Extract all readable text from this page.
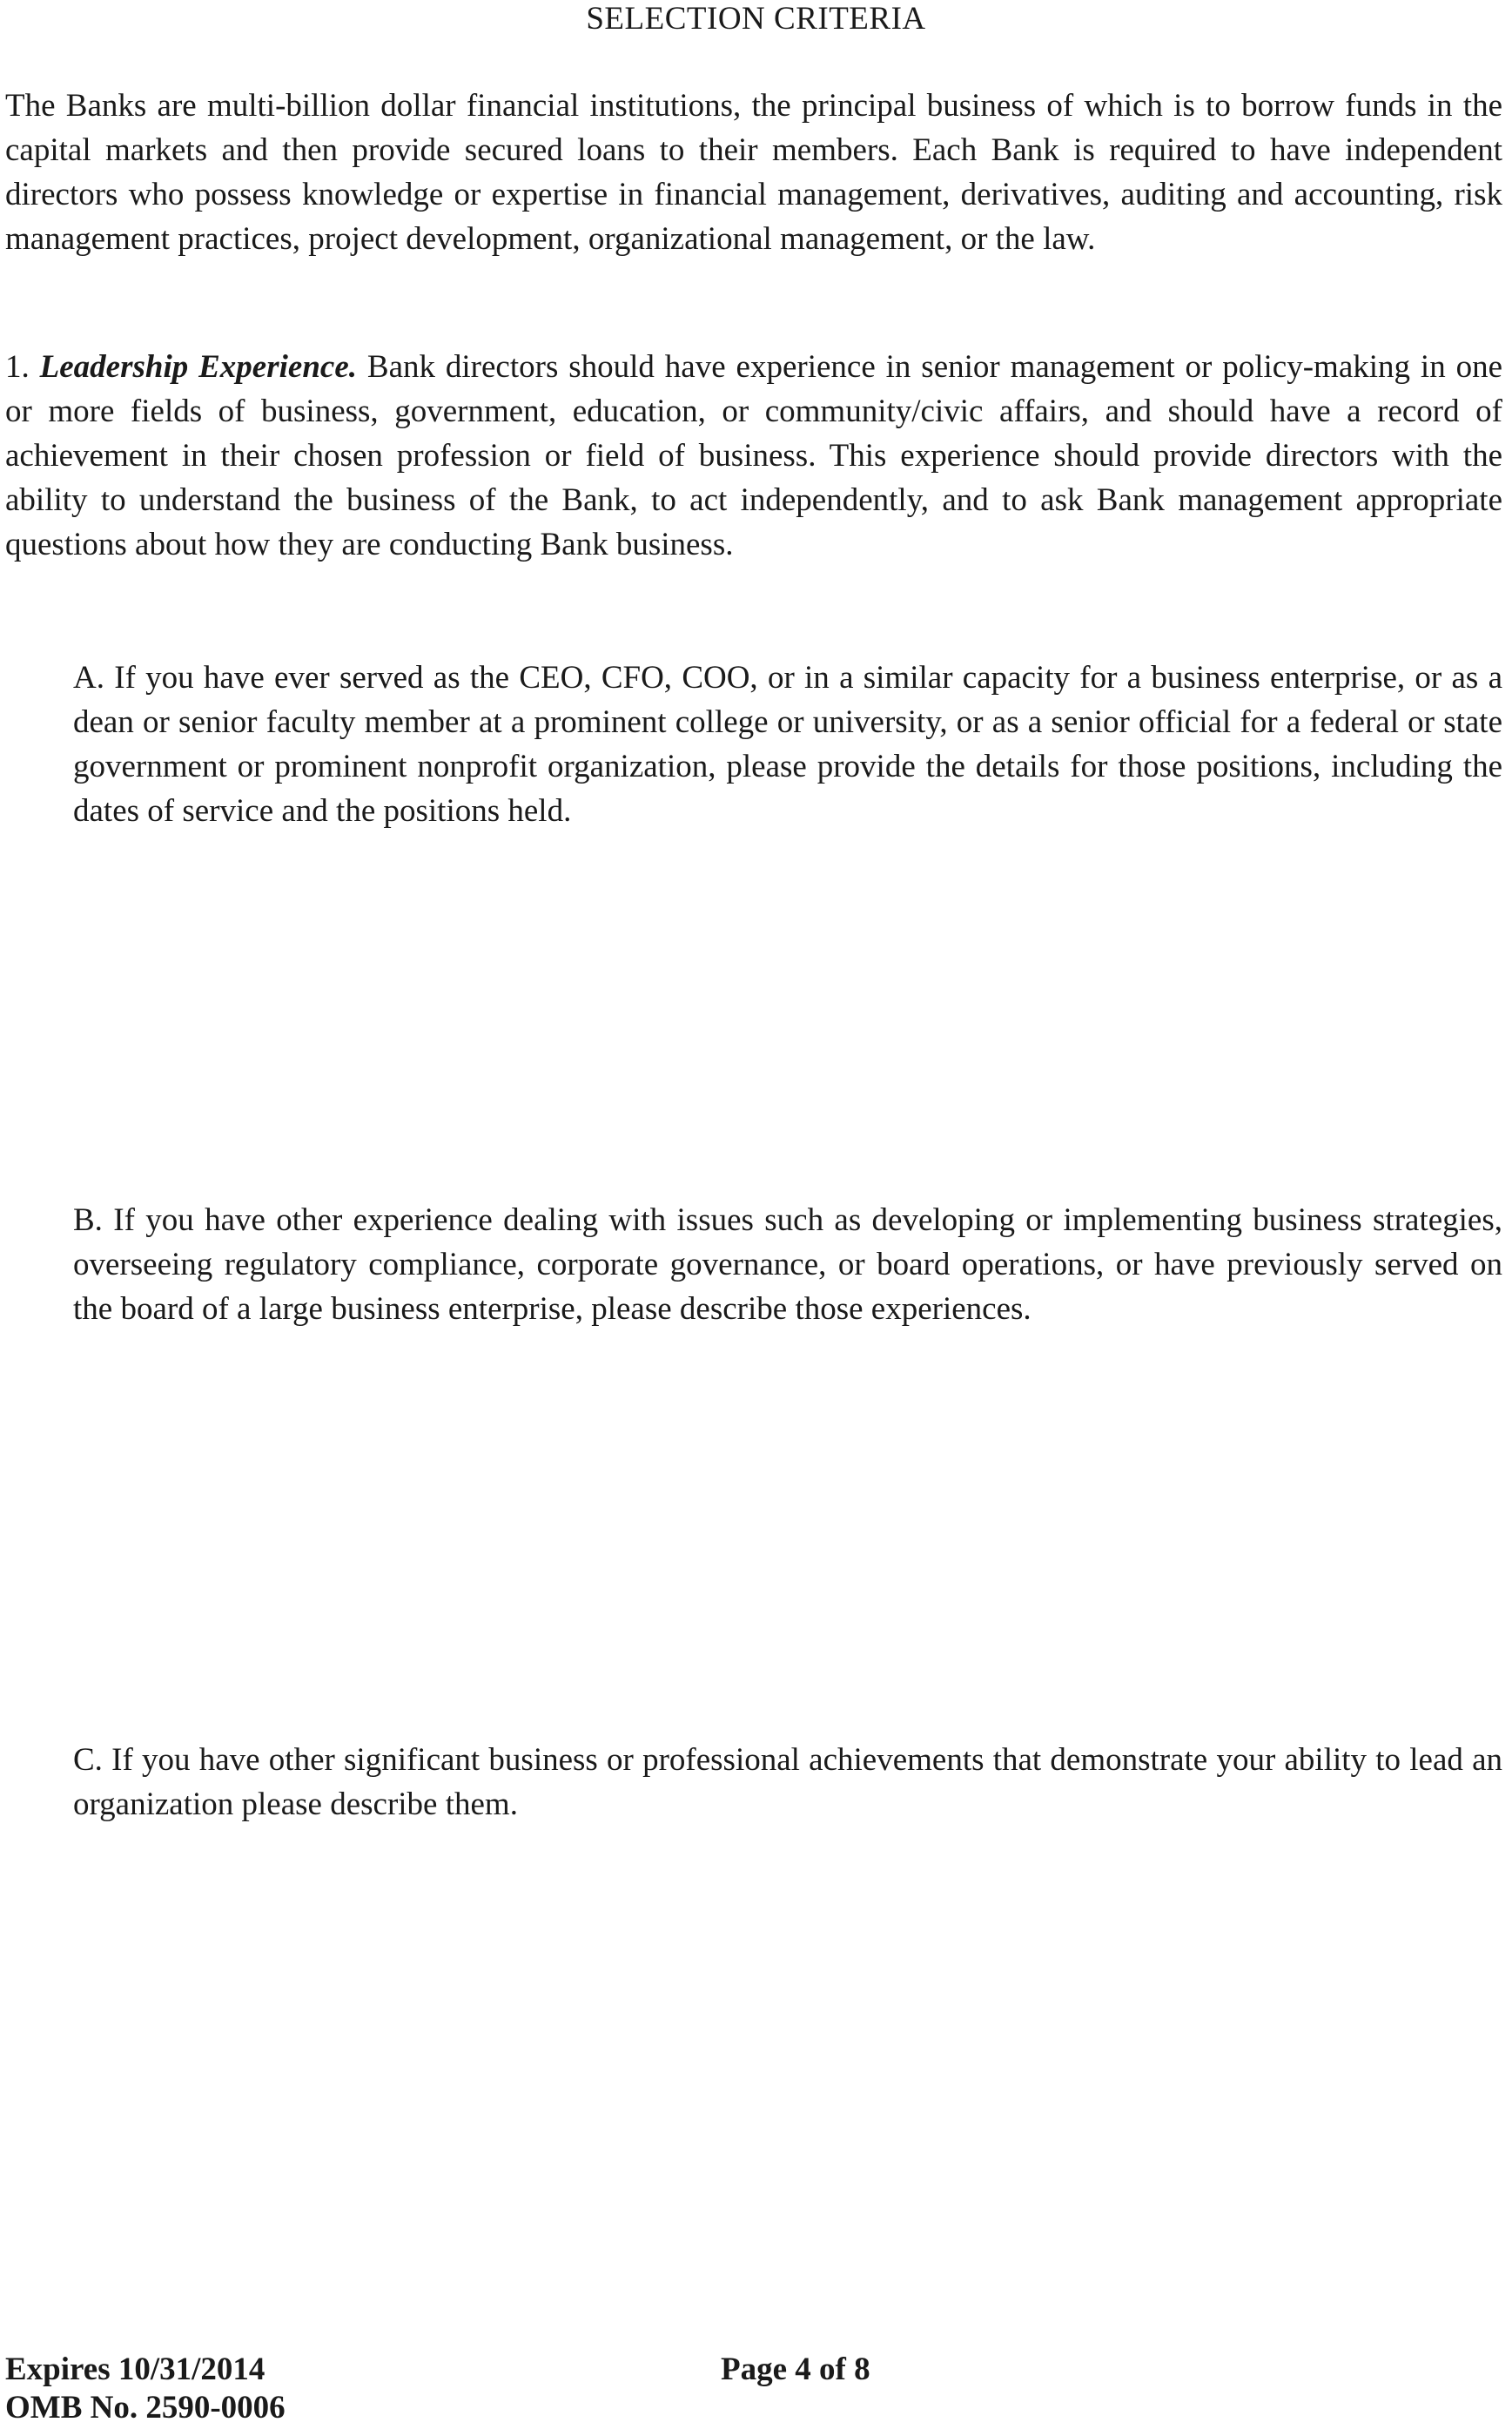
SELECTION CRITERIA

The Banks are multi-billion dollar financial institutions, the principal business of which is to borrow funds in the capital markets and then provide secured loans to their members. Each Bank is required to have independent directors who possess knowledge or expertise in financial management, derivatives, auditing and accounting, risk management practices, project development, organizational management, or the law.

1. Leadership Experience. Bank directors should have experience in senior management or policy-making in one or more fields of business, government, education, or community/civic affairs, and should have a record of achievement in their chosen profession or field of business. This experience should provide directors with the ability to understand the business of the Bank, to act independently, and to ask Bank management appropriate questions about how they are conducting Bank business.

A. If you have ever served as the CEO, CFO, COO, or in a similar capacity for a business enterprise, or as a dean or senior faculty member at a prominent college or university, or as a senior official for a federal or state government or prominent nonprofit organization, please provide the details for those positions, including the dates of service and the positions held.

B. If you have other experience dealing with issues such as developing or implementing business strategies, overseeing regulatory compliance, corporate governance, or board operations, or have previously served on the board of a large business enterprise, please describe those experiences.

C. If you have other significant business or professional achievements that demonstrate your ability to lead an organization please describe them.

Expires 10/31/2014
OMB No. 2590-0006
Page 4 of 8
